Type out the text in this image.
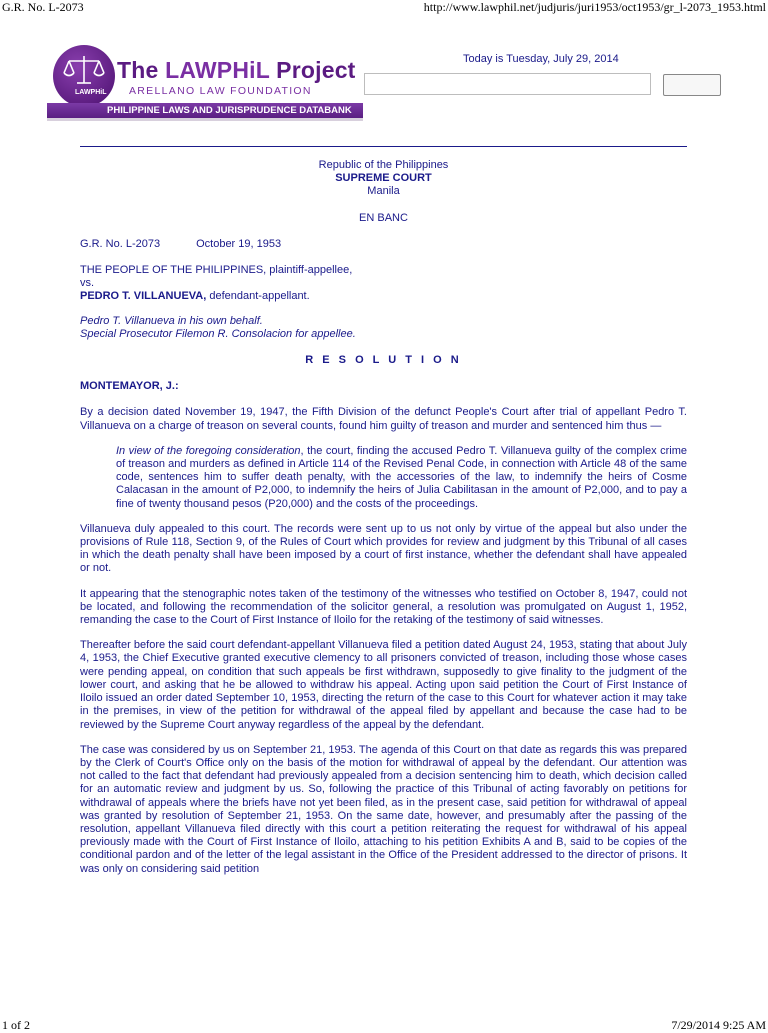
G.R. No. L-2073	http://www.lawphil.net/judjuris/juri1953/oct1953/gr_l-2073_1953.html
LAWPHiL
The LAWPHiL Project
ARELLANO LAW FOUNDATION
PHILIPPINE LAWS AND JURISPRUDENCE DATABANK
Today is Tuesday, July 29, 2014
Republic of the Philippines
SUPREME COURT
Manila
EN BANC
G.R. No. L-2073	October 19, 1953
THE PEOPLE OF THE PHILIPPINES, plaintiff-appellee,
vs.
PEDRO T. VILLANUEVA, defendant-appellant.
Pedro T. Villanueva in his own behalf.
Special Prosecutor Filemon R. Consolacion for appellee.
R E S O L U T I O N
MONTEMAYOR, J.:

By a decision dated November 19, 1947, the Fifth Division of the defunct People's Court after trial of appellant Pedro T. Villanueva on a charge of treason on several counts, found him guilty of treason and murder and sentenced him thus —

In view of the foregoing consideration, the court, finding the accused Pedro T. Villanueva guilty of the complex crime of treason and murders as defined in Article 114 of the Revised Penal Code, in connection with Article 48 of the same code, sentences him to suffer death penalty, with the accessories of the law, to indemnify the heirs of Cosme Calacasan in the amount of P2,000, to indemnify the heirs of Julia Cabilitasan in the amount of P2,000, and to pay a fine of twenty thousand pesos (P20,000) and the costs of the proceedings.

Villanueva duly appealed to this court. The records were sent up to us not only by virtue of the appeal but also under the provisions of Rule 118, Section 9, of the Rules of Court which provides for review and judgment by this Tribunal of all cases in which the death penalty shall have been imposed by a court of first instance, whether the defendant shall have appealed or not.

It appearing that the stenographic notes taken of the testimony of the witnesses who testified on October 8, 1947, could not be located, and following the recommendation of the solicitor general, a resolution was promulgated on August 1, 1952, remanding the case to the Court of First Instance of Iloilo for the retaking of the testimony of said witnesses.

Thereafter before the said court defendant-appellant Villanueva filed a petition dated August 24, 1953, stating that about July 4, 1953, the Chief Executive granted executive clemency to all prisoners convicted of treason, including those whose cases were pending appeal, on condition that such appeals be first withdrawn, supposedly to give finality to the judgment of the lower court, and asking that he be allowed to withdraw his appeal. Acting upon said petition the Court of First Instance of Iloilo issued an order dated September 10, 1953, directing the return of the case to this Court for whatever action it may take in the premises, in view of the petition for withdrawal of the appeal filed by appellant and because the case had to be reviewed by the Supreme Court anyway regardless of the appeal by the defendant.

The case was considered by us on September 21, 1953. The agenda of this Court on that date as regards this was prepared by the Clerk of Court's Office only on the basis of the motion for withdrawal of appeal by the defendant. Our attention was not called to the fact that defendant had previously appealed from a decision sentencing him to death, which decision called for an automatic review and judgment by us. So, following the practice of this Tribunal of acting favorably on petitions for withdrawal of appeals where the briefs have not yet been filed, as in the present case, said petition for withdrawal of appeal was granted by resolution of September 21, 1953. On the same date, however, and presumably after the passing of the resolution, appellant Villanueva filed directly with this court a petition reiterating the request for withdrawal of his appeal previously made with the Court of First Instance of Iloilo, attaching to his petition Exhibits A and B, said to be copies of the conditional pardon and of the letter of the legal assistant in the Office of the President addressed to the director of prisons. It was only on considering said petition

1 of 2	7/29/2014 9:25 AM
